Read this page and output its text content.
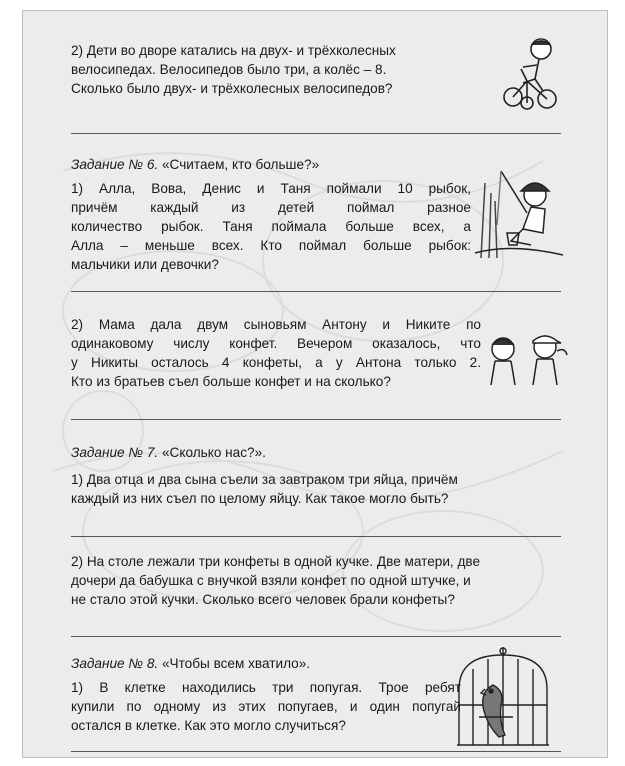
2) Дети во дворе катались на двух- и трёхколесных
велосипедах. Велосипедов было три, а колёс – 8.
Сколько было двух- и трёхколесных велосипедов?
Задание № 6. «Считаем, кто больше?»
1) Алла, Вова, Денис и Таня поймали 10 рыбок,
причём каждый из детей поймал разное
количество рыбок. Таня поймала больше всех, а
Алла – меньше всех. Кто поймал больше рыбок:
мальчики или девочки?
2) Мама дала двум сыновьям Антону и Никите по
одинаковому числу конфет. Вечером оказалось, что
у Никиты осталось 4 конфеты, а у Антона только 2.
Кто из братьев съел больше конфет и на сколько?
Задание № 7. «Сколько нас?».
1) Два отца и два сына съели за завтраком три яйца, причём
каждый из них съел по целому яйцу. Как такое могло быть?
2) На столе лежали три конфеты в одной кучке. Две матери, две
дочери да бабушка с внучкой взяли конфет по одной штучке, и
не стало этой кучки. Сколько всего человек брали конфеты?
Задание № 8. «Чтобы всем хватило».
1) В клетке находились три попугая. Трое ребят
купили по одному из этих попугаев, и один попугай
остался в клетке. Как это могло случиться?
